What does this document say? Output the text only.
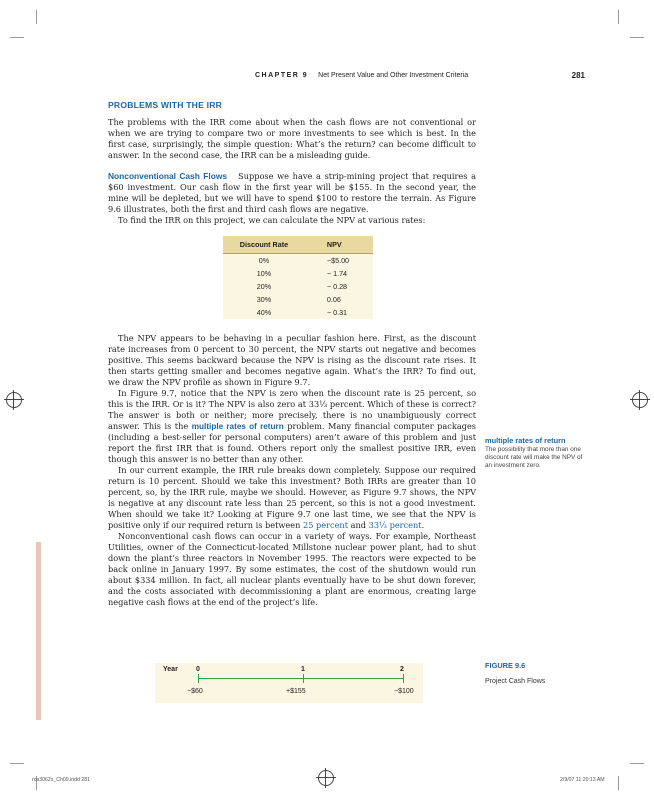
CHAPTER 9 Net Present Value and Other Investment Criteria	281
PROBLEMS WITH THE IRR

The problems with the IRR come about when the cash flows are not conventional or when we are trying to compare two or more investments to see which is best. In the first case, surprisingly, the simple question: What’s the return? can become difficult to answer. In the second case, the IRR can be a misleading guide.

Nonconventional Cash Flows Suppose we have a strip-mining project that requires a $60 investment. Our cash flow in the first year will be $155. In the second year, the mine will be depleted, but we will have to spend $100 to restore the terrain. As Figure 9.6 illustrates, both the first and third cash flows are negative.

To find the IRR on this project, we can calculate the NPV at various rates:

Discount Rate	NPV
0%	−$5.00
10%	− 1.74
20%	− 0.28
30%	0.06
40%	− 0.31

The NPV appears to be behaving in a peculiar fashion here. First, as the discount rate increases from 0 percent to 30 percent, the NPV starts out negative and becomes positive. This seems backward because the NPV is rising as the discount rate rises. It then starts getting smaller and becomes negative again. What’s the IRR? To find out, we draw the NPV profile as shown in Figure 9.7.

In Figure 9.7, notice that the NPV is zero when the discount rate is 25 percent, so this is the IRR. Or is it? The NPV is also zero at 33⅓ percent. Which of these is correct? The answer is both or neither; more precisely, there is no unambiguously correct answer. This is the multiple rates of return problem. Many financial computer packages (including a best-seller for personal computers) aren’t aware of this problem and just report the first IRR that is found. Others report only the smallest positive IRR, even though this answer is no better than any other.

In our current example, the IRR rule breaks down completely. Suppose our required return is 10 percent. Should we take this investment? Both IRRs are greater than 10 percent, so, by the IRR rule, maybe we should. However, as Figure 9.7 shows, the NPV is negative at any discount rate less than 25 percent, so this is not a good investment. When should we take it? Looking at Figure 9.7 one last time, we see that the NPV is positive only if our required return is between 25 percent and 33⅓ percent.

Nonconventional cash flows can occur in a variety of ways. For example, Northeast Utilities, owner of the Connecticut-located Millstone nuclear power plant, had to shut down the plant’s three reactors in November 1995. The reactors were expected to be back online in January 1997. By some estimates, the cost of the shutdown would run about $334 million. In fact, all nuclear plants eventually have to be shut down forever, and the costs associated with decommissioning a plant are enormous, creating large negative cash flows at the end of the project’s life.

multiple rates of return
The possibility that more than one discount rate will make the NPV of an investment zero.
Year	0	1	2
−$60	+$155	−$100
FIGURE 9.6
Project Cash Flows
ros3062x_Ch09.indd 281	2/9/07 11:20:13 AM
